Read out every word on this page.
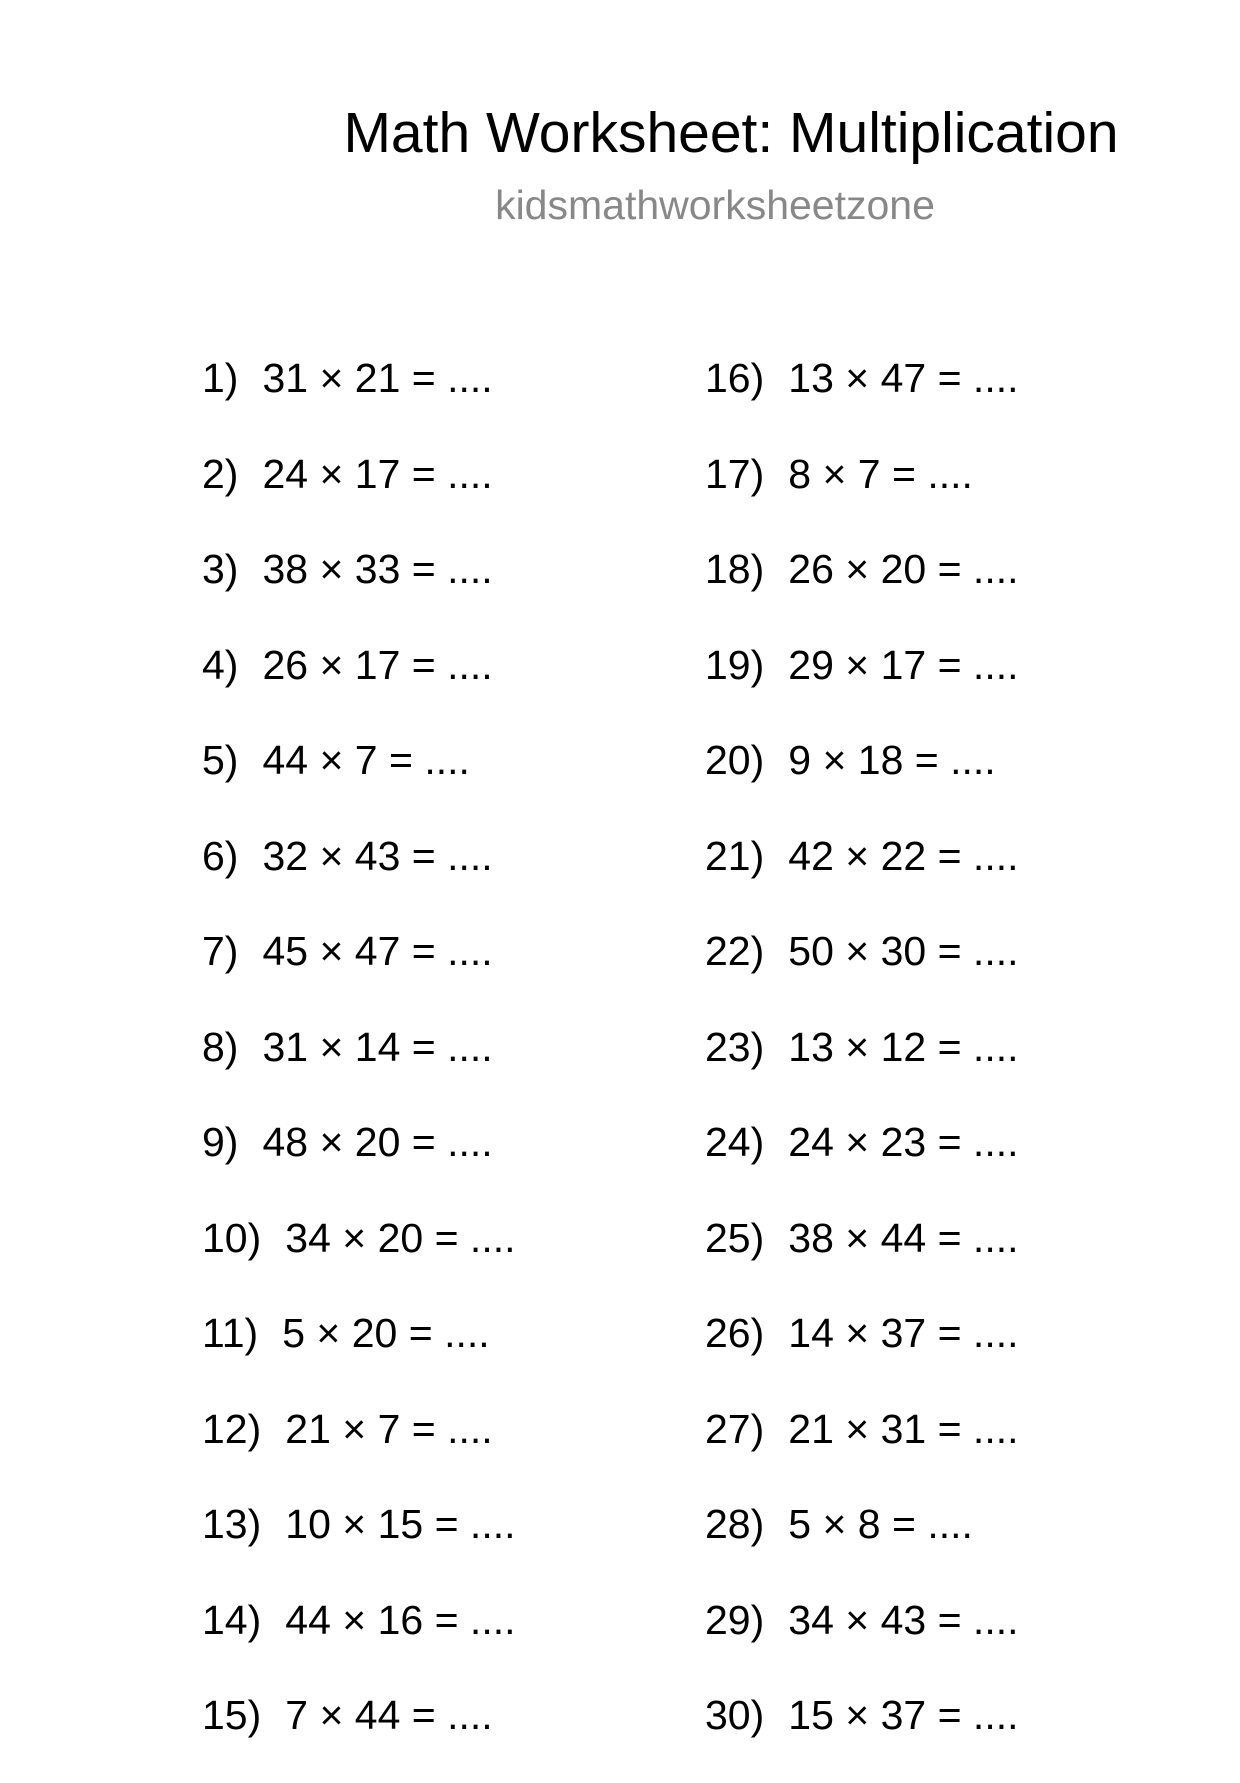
Math Worksheet: Multiplication
kidsmathworksheetzone
1) 31 × 21 = ....
2) 24 × 17 = ....
3) 38 × 33 = ....
4) 26 × 17 = ....
5) 44 × 7 = ....
6) 32 × 43 = ....
7) 45 × 47 = ....
8) 31 × 14 = ....
9) 48 × 20 = ....
10) 34 × 20 = ....
11) 5 × 20 = ....
12) 21 × 7 = ....
13) 10 × 15 = ....
14) 44 × 16 = ....
15) 7 × 44 = ....
16) 13 × 47 = ....
17) 8 × 7 = ....
18) 26 × 20 = ....
19) 29 × 17 = ....
20) 9 × 18 = ....
21) 42 × 22 = ....
22) 50 × 30 = ....
23) 13 × 12 = ....
24) 24 × 23 = ....
25) 38 × 44 = ....
26) 14 × 37 = ....
27) 21 × 31 = ....
28) 5 × 8 = ....
29) 34 × 43 = ....
30) 15 × 37 = ....
